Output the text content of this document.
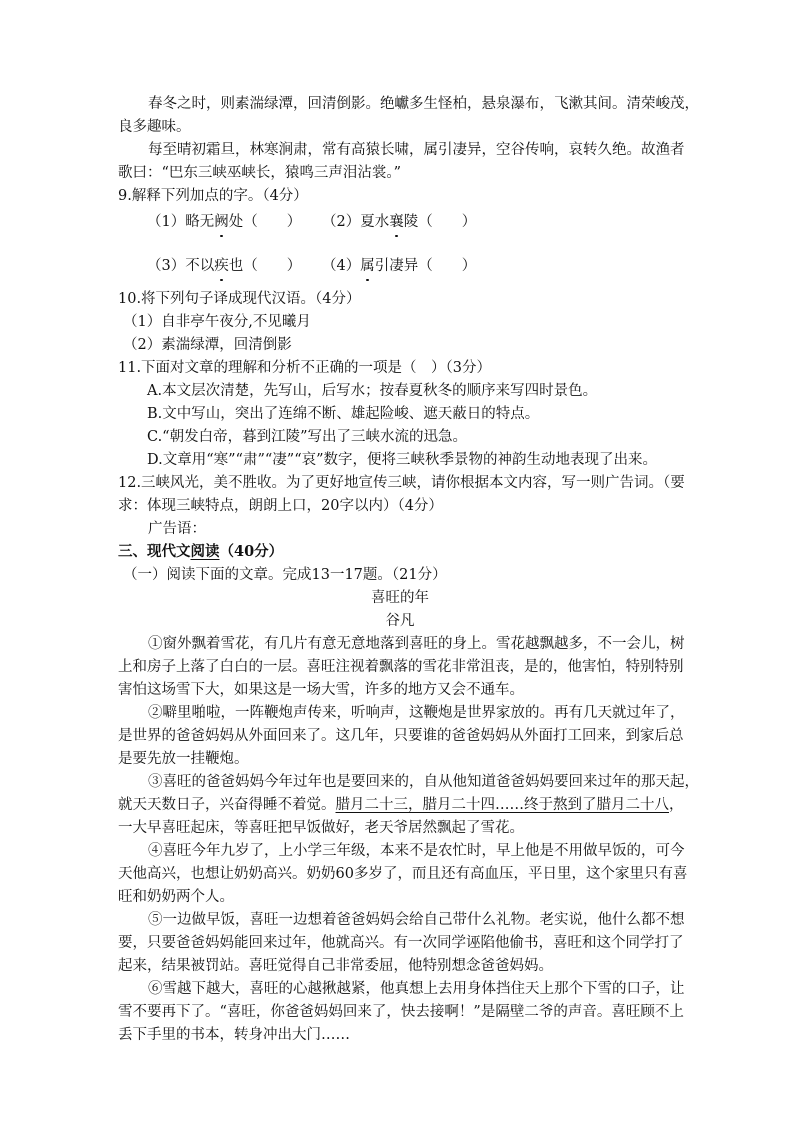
春冬之时，则素湍绿潭，回清倒影。绝巘多生怪柏，悬泉瀑布，飞漱其间。清荣峻茂，
良多趣味。
每至晴初霜旦，林寒涧肃，常有高猿长啸，属引凄异，空谷传响，哀转久绝。故渔者
歌曰：“巴东三峡巫峡长，猿鸣三声泪沾裳。”
9.解释下列加点的字。（4分）
（1）略无阙处（　　） （2）夏水襄陵（　　）
（3）不以疾也（　　） （4）属引凄异（　　）
10.将下列句子译成现代汉语。（4分）
（1）自非亭午夜分,不见曦月
（2）素湍绿潭，回清倒影
11.下面对文章的理解和分析不正确的一项是（　）（3分）
A.本文层次清楚，先写山，后写水；按春夏秋冬的顺序来写四时景色。
B.文中写山，突出了连绵不断、雄起险峻、遮天蔽日的特点。
C.“朝发白帝，暮到江陵”写出了三峡水流的迅急。
D.文章用“寒”“肃”“凄”“哀”数字，便将三峡秋季景物的神韵生动地表现了出来。
12.三峡风光，美不胜收。为了更好地宣传三峡，请你根据本文内容，写一则广告词。（要
求：体现三峡特点，朗朗上口，20字以内）（4分）
广告语：
三、现代文阅读（40分）
（一）阅读下面的文章。完成13一17题。（21分）
喜旺的年
谷凡
①窗外飘着雪花，有几片有意无意地落到喜旺的身上。雪花越飘越多，不一会儿，树
上和房子上落了白白的一层。喜旺注视着飘落的雪花非常沮丧，是的，他害怕，特别特别
害怕这场雪下大，如果这是一场大雪，许多的地方又会不通车。
②噼里啪啦，一阵鞭炮声传来，听响声，这鞭炮是世界家放的。再有几天就过年了，
是世界的爸爸妈妈从外面回来了。这几年，只要谁的爸爸妈妈从外面打工回来，到家后总
是要先放一挂鞭炮。
③喜旺的爸爸妈妈今年过年也是要回来的，自从他知道爸爸妈妈要回来过年的那天起，
就天天数日子，兴奋得睡不着觉。腊月二十三，腊月二十四……终于熬到了腊月二十八，
一大早喜旺起床，等喜旺把早饭做好，老天爷居然飘起了雪花。
④喜旺今年九岁了，上小学三年级，本来不是农忙时，早上他是不用做早饭的，可今
天他高兴，也想让奶奶高兴。奶奶60多岁了，而且还有高血压，平日里，这个家里只有喜
旺和奶奶两个人。
⑤一边做早饭，喜旺一边想着爸爸妈妈会给自己带什么礼物。老实说，他什么都不想
要，只要爸爸妈妈能回来过年，他就高兴。有一次同学诬陷他偷书，喜旺和这个同学打了
起来，结果被罚站。喜旺觉得自己非常委屈，他特别想念爸爸妈妈。
⑥雪越下越大，喜旺的心越揪越紧，他真想上去用身体挡住天上那个下雪的口子，让
雪不要再下了。“喜旺，你爸爸妈妈回来了，快去接啊！”是隔壁二爷的声音。喜旺顾不上
丢下手里的书本，转身冲出大门……
